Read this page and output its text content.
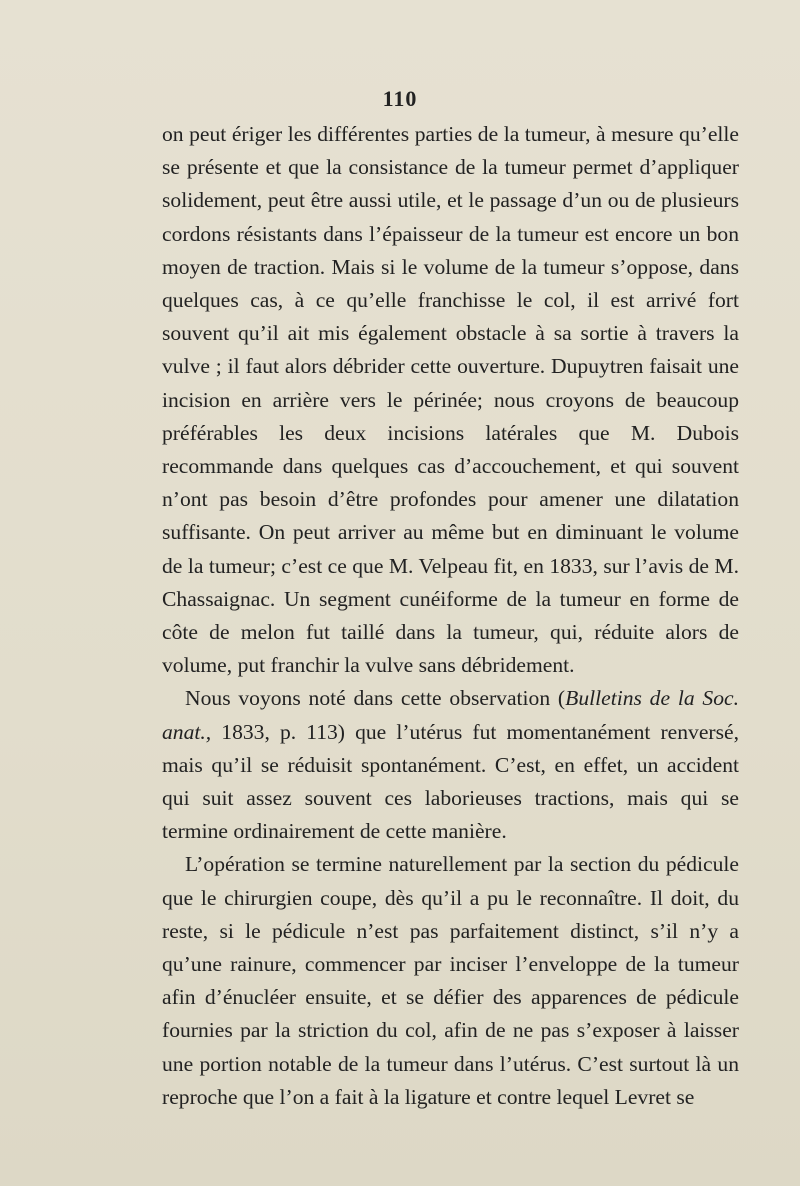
110

on peut ériger les différentes parties de la tumeur, à mesure qu’elle se présente et que la consistance de la tumeur permet d’appliquer solidement, peut être aussi utile, et le passage d’un ou de plusieurs cordons résistants dans l’épaisseur de la tumeur est encore un bon moyen de traction. Mais si le volume de la tumeur s’oppose, dans quelques cas, à ce qu’elle franchisse le col, il est arrivé fort souvent qu’il ait mis également obstacle à sa sortie à travers la vulve ; il faut alors débrider cette ouverture. Dupuytren faisait une incision en arrière vers le périnée; nous croyons de beaucoup préférables les deux incisions latérales que M. Dubois recommande dans quelques cas d’accouchement, et qui souvent n’ont pas besoin d’être profondes pour amener une dilatation suffisante. On peut arriver au même but en diminuant le volume de la tumeur; c’est ce que M. Velpeau fit, en 1833, sur l’avis de M. Chassaignac. Un segment cunéiforme de la tumeur en forme de côte de melon fut taillé dans la tumeur, qui, réduite alors de volume, put franchir la vulve sans débridement.

Nous voyons noté dans cette observation (Bulletins de la Soc. anat., 1833, p. 113) que l’utérus fut momentanément renversé, mais qu’il se réduisit spontanément. C’est, en effet, un accident qui suit assez souvent ces laborieuses tractions, mais qui se termine ordinairement de cette manière.

L’opération se termine naturellement par la section du pédicule que le chirurgien coupe, dès qu’il a pu le reconnaître. Il doit, du reste, si le pédicule n’est pas parfaitement distinct, s’il n’y a qu’une rainure, commencer par inciser l’enveloppe de la tumeur afin d’énucléer ensuite, et se défier des apparences de pédicule fournies par la striction du col, afin de ne pas s’exposer à laisser une portion notable de la tumeur dans l’utérus. C’est surtout là un reproche que l’on a fait à la ligature et contre lequel Levret se
